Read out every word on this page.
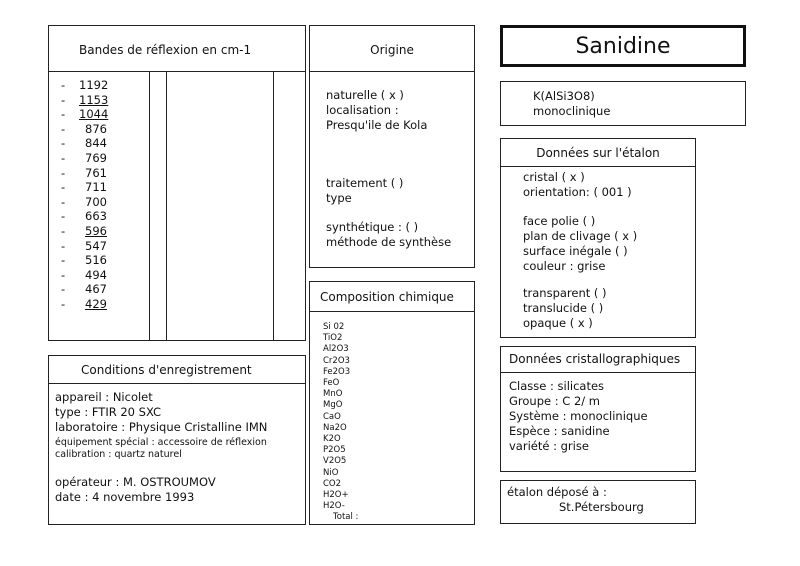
Bandes de réflexion en cm-1
- 1192
- 1153
- 1044
- 876
- 844
- 769
- 761
- 711
- 700
- 663
- 596
- 547
- 516
- 494
- 467
- 429
Origine
naturelle ( x )
localisation :
Presqu'ile de Kola
traitement ( )
type
synthétique : ( )
méthode de synthèse
Sanidine
K(AlSi3O8)
monoclinique
Données sur l'étalon
cristal ( x )
orientation: ( 001 )
face polie ( )
plan de clivage ( x )
surface inégale ( )
couleur : grise
transparent ( )
translucide ( )
opaque ( x )
Composition chimique
Si 02
TiO2
Al2O3
Cr2O3
Fe2O3
FeO
MnO
MgO
CaO
Na2O
K2O
P2O5
V2O5
NiO
CO2
H2O+
H2O-
Total :
Données cristallographiques
Classe : silicates
Groupe : C 2/ m
Système : monoclinique
Espèce : sanidine
variété : grise
Conditions d'enregistrement
appareil : Nicolet
type : FTIR 20 SXC
laboratoire : Physique Cristalline IMN
équipement spécial : accessoire de réflexion
calibration : quartz naturel
opérateur : M. OSTROUMOV
date : 4 novembre 1993	étalon déposé à :
St.Pétersbourg
